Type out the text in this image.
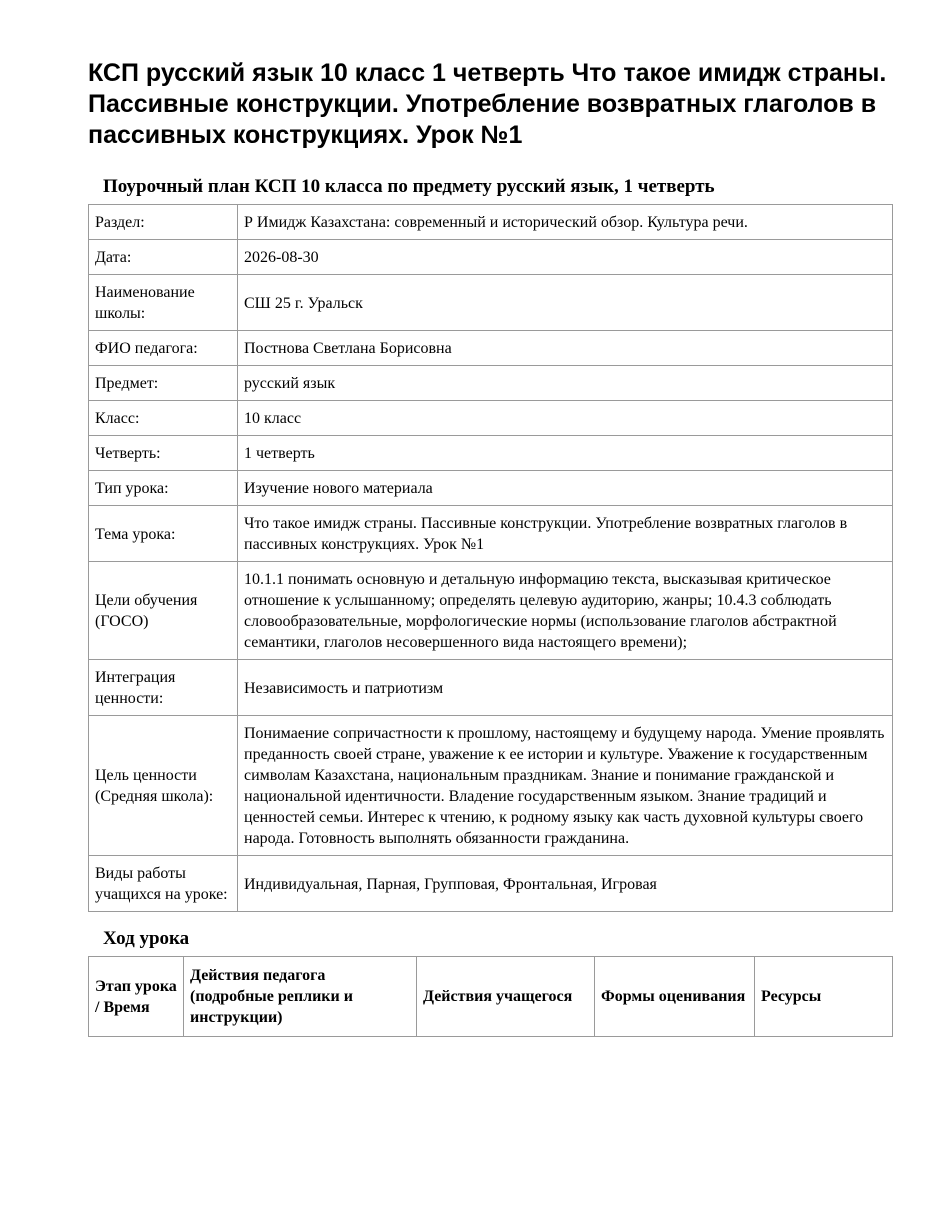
КСП русский язык 10 класс 1 четверть Что такое имидж страны. Пассивные конструкции. Употребление возвратных глаголов в пассивных конструкциях. Урок №1
Поурочный план КСП 10 класса по предмету русский язык, 1 четверть
Раздел:	Р Имидж Казахстана: современный и исторический обзор. Культура речи.
Дата:	2026-08-30
Наименование школы:	СШ 25 г. Уральск
ФИО педагога:	Постнова Светлана Борисовна
Предмет:	русский язык
Класс:	10 класс
Четверть:	1 четверть
Тип урока:	Изучение нового материала
Тема урока:	Что такое имидж страны. Пассивные конструкции. Употребление возвратных глаголов в пассивных конструкциях. Урок №1
Цели обучения (ГОСО)	10.1.1 понимать основную и детальную информацию текста, высказывая критическое отношение к услышанному; определять целевую аудиторию, жанры; 10.4.3 соблюдать словообразовательные, морфологические нормы (использование глаголов абстрактной семантики, глаголов несовершенного вида настоящего времени);
Интеграция ценности:	Независимость и патриотизм
Цель ценности (Средняя школа):	Понимаение сопричастности к прошлому, настоящему и будущему народа. Умение проявлять преданность своей стране, уважение к ее истории и культуре. Уважение к государственным символам Казахстана, национальным праздникам. Знание и понимание гражданской и национальной идентичности. Владение государственным языком. Знание традиций и ценностей семьи. Интерес к чтению, к родному языку как часть духовной культуры своего народа. Готовность выполнять обязанности гражданина.
Виды работы учащихся на уроке:	Индивидуальная, Парная, Групповая, Фронтальная, Игровая
Ход урока
Этап урока / Время	Действия педагога (подробные реплики и инструкции)	Действия учащегося	Формы оценивания	Ресурсы
